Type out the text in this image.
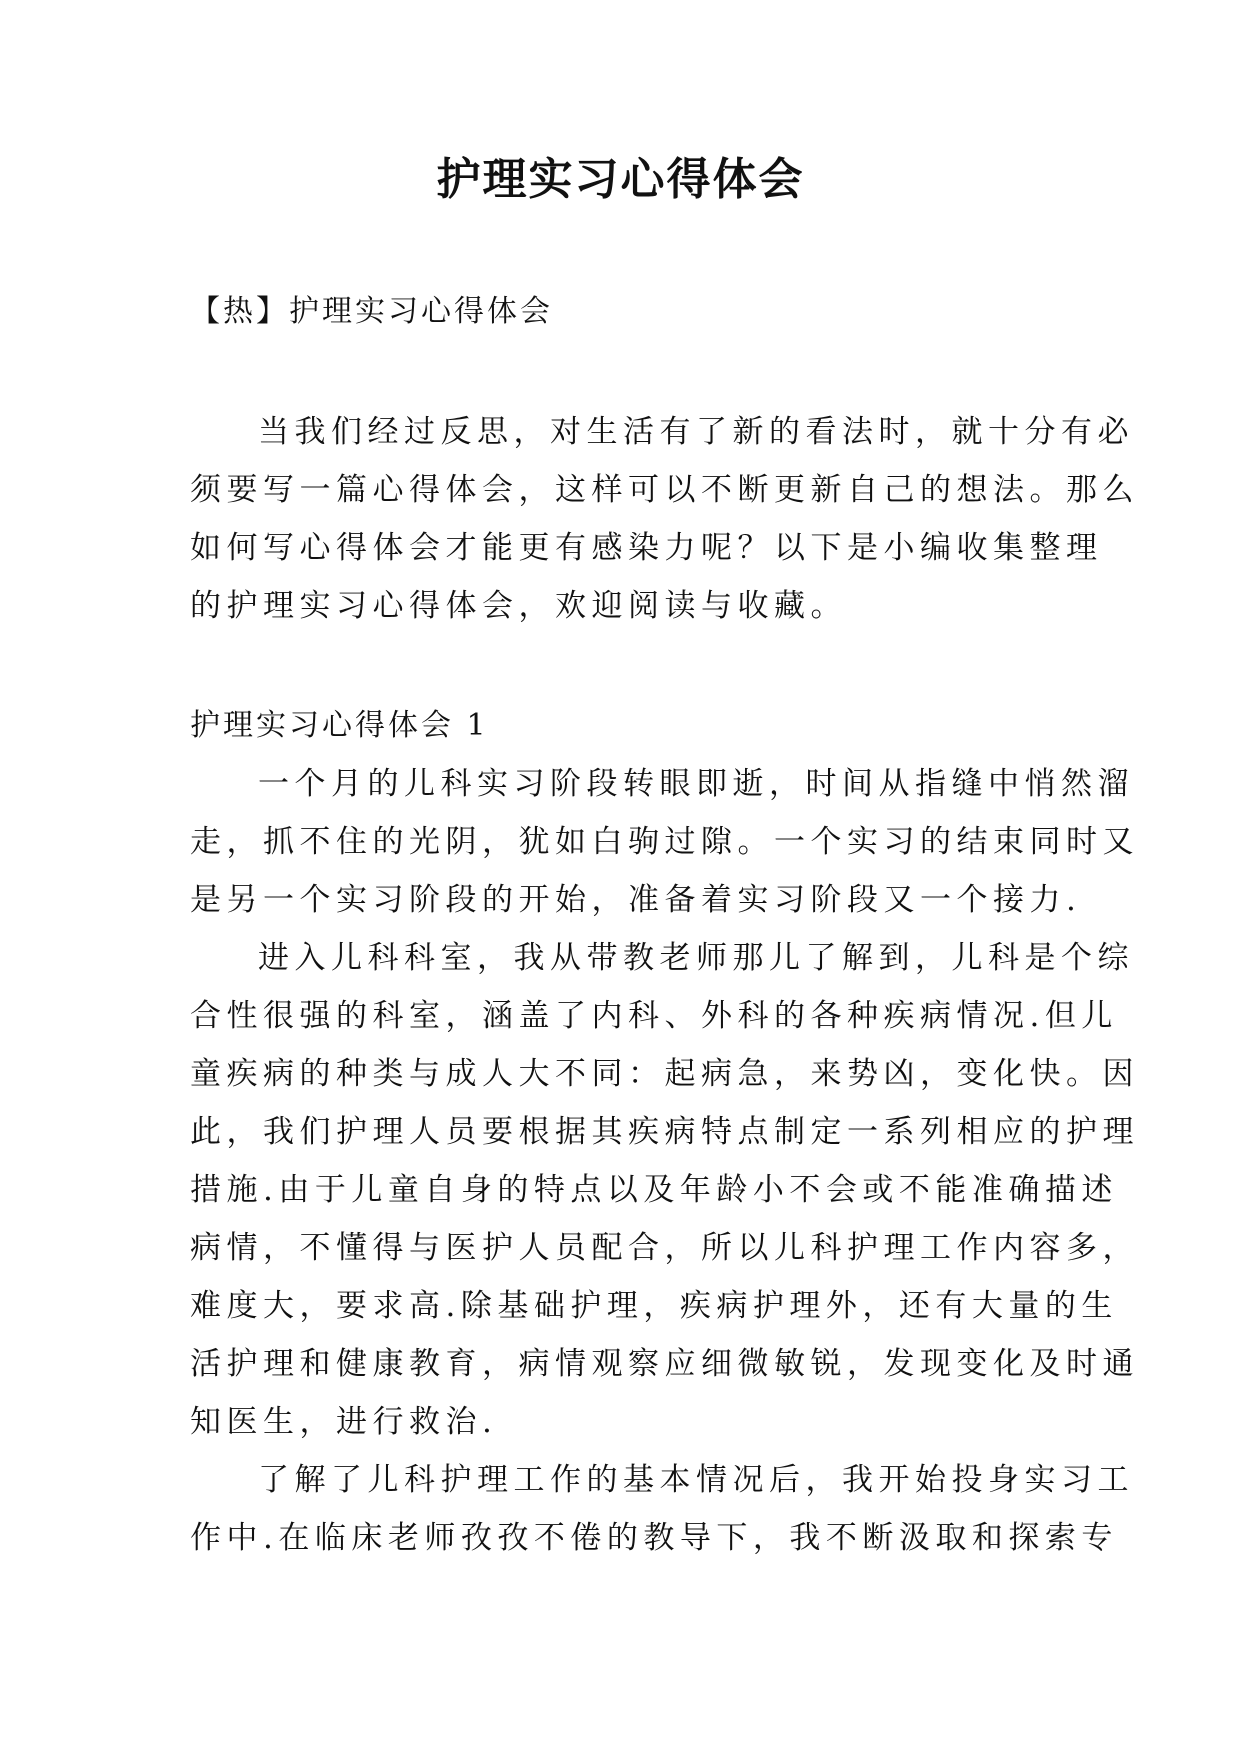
护理实习心得体会
【热】护理实习心得体会
当我们经过反思，对生活有了新的看法时，就十分有必
须要写一篇心得体会，这样可以不断更新自己的想法。那么
如何写心得体会才能更有感染力呢？以下是小编收集整理
的护理实习心得体会，欢迎阅读与收藏。
护理实习心得体会 1
一个月的儿科实习阶段转眼即逝，时间从指缝中悄然溜
走，抓不住的光阴，犹如白驹过隙。一个实习的结束同时又
是另一个实习阶段的开始，准备着实习阶段又一个接力.
进入儿科科室，我从带教老师那儿了解到，儿科是个综
合性很强的科室，涵盖了内科、外科的各种疾病情况.但儿
童疾病的种类与成人大不同：起病急，来势凶，变化快。因
此，我们护理人员要根据其疾病特点制定一系列相应的护理
措施.由于儿童自身的特点以及年龄小不会或不能准确描述
病情，不懂得与医护人员配合，所以儿科护理工作内容多，
难度大，要求高.除基础护理，疾病护理外，还有大量的生
活护理和健康教育，病情观察应细微敏锐，发现变化及时通
知医生，进行救治.
了解了儿科护理工作的基本情况后，我开始投身实习工
作中.在临床老师孜孜不倦的教导下，我不断汲取和探索专
